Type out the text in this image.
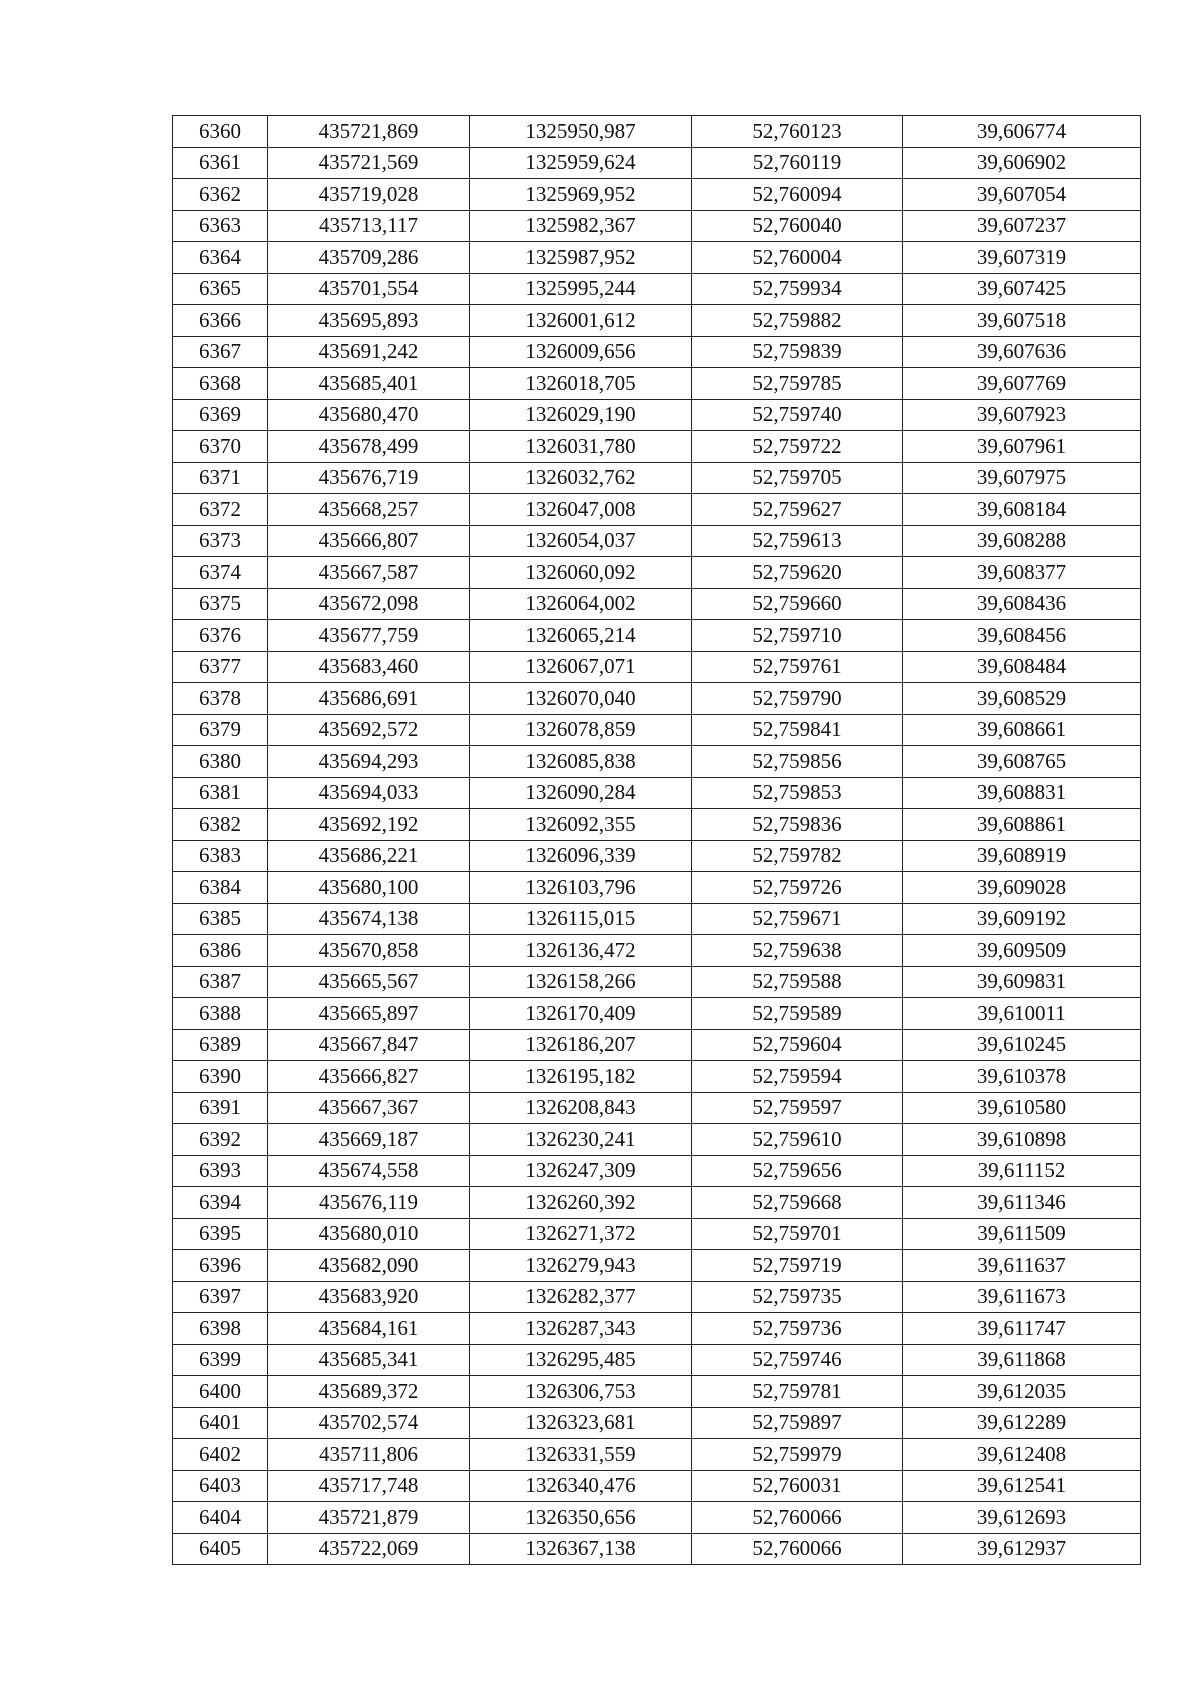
6360	435721,869	1325950,987	52,760123	39,606774
6361	435721,569	1325959,624	52,760119	39,606902
6362	435719,028	1325969,952	52,760094	39,607054
6363	435713,117	1325982,367	52,760040	39,607237
6364	435709,286	1325987,952	52,760004	39,607319
6365	435701,554	1325995,244	52,759934	39,607425
6366	435695,893	1326001,612	52,759882	39,607518
6367	435691,242	1326009,656	52,759839	39,607636
6368	435685,401	1326018,705	52,759785	39,607769
6369	435680,470	1326029,190	52,759740	39,607923
6370	435678,499	1326031,780	52,759722	39,607961
6371	435676,719	1326032,762	52,759705	39,607975
6372	435668,257	1326047,008	52,759627	39,608184
6373	435666,807	1326054,037	52,759613	39,608288
6374	435667,587	1326060,092	52,759620	39,608377
6375	435672,098	1326064,002	52,759660	39,608436
6376	435677,759	1326065,214	52,759710	39,608456
6377	435683,460	1326067,071	52,759761	39,608484
6378	435686,691	1326070,040	52,759790	39,608529
6379	435692,572	1326078,859	52,759841	39,608661
6380	435694,293	1326085,838	52,759856	39,608765
6381	435694,033	1326090,284	52,759853	39,608831
6382	435692,192	1326092,355	52,759836	39,608861
6383	435686,221	1326096,339	52,759782	39,608919
6384	435680,100	1326103,796	52,759726	39,609028
6385	435674,138	1326115,015	52,759671	39,609192
6386	435670,858	1326136,472	52,759638	39,609509
6387	435665,567	1326158,266	52,759588	39,609831
6388	435665,897	1326170,409	52,759589	39,610011
6389	435667,847	1326186,207	52,759604	39,610245
6390	435666,827	1326195,182	52,759594	39,610378
6391	435667,367	1326208,843	52,759597	39,610580
6392	435669,187	1326230,241	52,759610	39,610898
6393	435674,558	1326247,309	52,759656	39,611152
6394	435676,119	1326260,392	52,759668	39,611346
6395	435680,010	1326271,372	52,759701	39,611509
6396	435682,090	1326279,943	52,759719	39,611637
6397	435683,920	1326282,377	52,759735	39,611673
6398	435684,161	1326287,343	52,759736	39,611747
6399	435685,341	1326295,485	52,759746	39,611868
6400	435689,372	1326306,753	52,759781	39,612035
6401	435702,574	1326323,681	52,759897	39,612289
6402	435711,806	1326331,559	52,759979	39,612408
6403	435717,748	1326340,476	52,760031	39,612541
6404	435721,879	1326350,656	52,760066	39,612693
6405	435722,069	1326367,138	52,760066	39,612937
